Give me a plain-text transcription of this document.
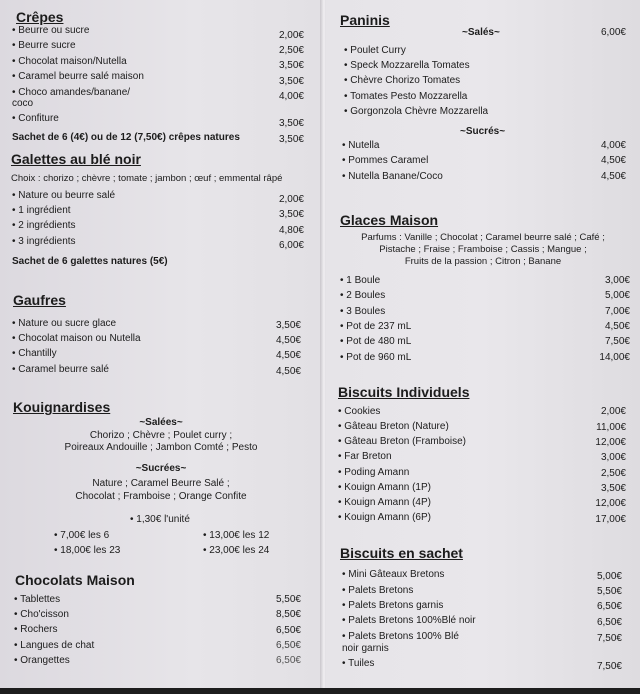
Crêpes
• Beurre ou sucre	2,00€
• Beurre sucre	2,50€
• Chocolat maison/Nutella	3,50€
• Caramel beurre salé maison	3,50€
• Choco amandes/banane/
coco
4,00€
• Confiture	3,50€
Sachet de 6 (4€) ou de 12 (7,50€) crêpes natures	3,50€
Galettes au blé noir
Choix : chorizo ; chèvre ; tomate ; jambon ; œuf ; emmental râpé
• Nature ou beurre salé	2,00€
• 1 ingrédient	3,50€
• 2 ingrédients	4,80€
• 3 ingrédients	6,00€
Sachet de 6 galettes natures (5€)
Gaufres
• Nature ou sucre glace	3,50€
• Chocolat maison ou Nutella	4,50€
• Chantilly	4,50€
• Caramel beurre salé	4,50€
Kouignardises
~Salées~
Chorizo ; Chèvre ; Poulet curry ;
Poireaux Andouille ; Jambon Comté ; Pesto
~Sucrées~
Nature ; Caramel Beurre Salé ;
Chocolat ; Framboise ; Orange Confite
• 1,30€ l'unité
• 7,00€ les 6	• 13,00€ les 12
• 18,00€ les 23	• 23,00€ les 24
Chocolats Maison
• Tablettes	5,50€
• Cho'cisson	8,50€
• Rochers	6,50€
• Langues de chat	6,50€
• Orangettes	6,50€
Paninis
~Salés~	6,00€
• Poulet Curry
• Speck Mozzarella Tomates
• Chèvre Chorizo Tomates
• Tomates Pesto Mozzarella
• Gorgonzola Chèvre Mozzarella
~Sucrés~
• Nutella	4,00€
• Pommes Caramel	4,50€
• Nutella Banane/Coco	4,50€
Glaces Maison
Parfums : Vanille ; Chocolat ; Caramel beurre salé ; Café ;
Pistache ; Fraise ; Framboise ; Cassis ; Mangue ;
Fruits de la passion ; Citron ; Banane
• 1 Boule	3,00€
• 2 Boules	5,00€
• 3 Boules	7,00€
• Pot de 237 mL	4,50€
• Pot de 480 mL	7,50€
• Pot de 960 mL	14,00€
Biscuits Individuels
• Cookies	2,00€
• Gâteau Breton (Nature)	11,00€
• Gâteau Breton (Framboise)	12,00€
• Far Breton	3,00€
• Poding Amann	2,50€
• Kouign Amann (1P)	3,50€
• Kouign Amann (4P)	12,00€
• Kouign Amann (6P)	17,00€
Biscuits en sachet
• Mini Gâteaux Bretons	5,00€
• Palets Bretons	5,50€
• Palets Bretons garnis	6,50€
• Palets Bretons 100%Blé noir	6,50€
• Palets Bretons 100% Blé
noir garnis
7,50€
• Tuiles	7,50€
